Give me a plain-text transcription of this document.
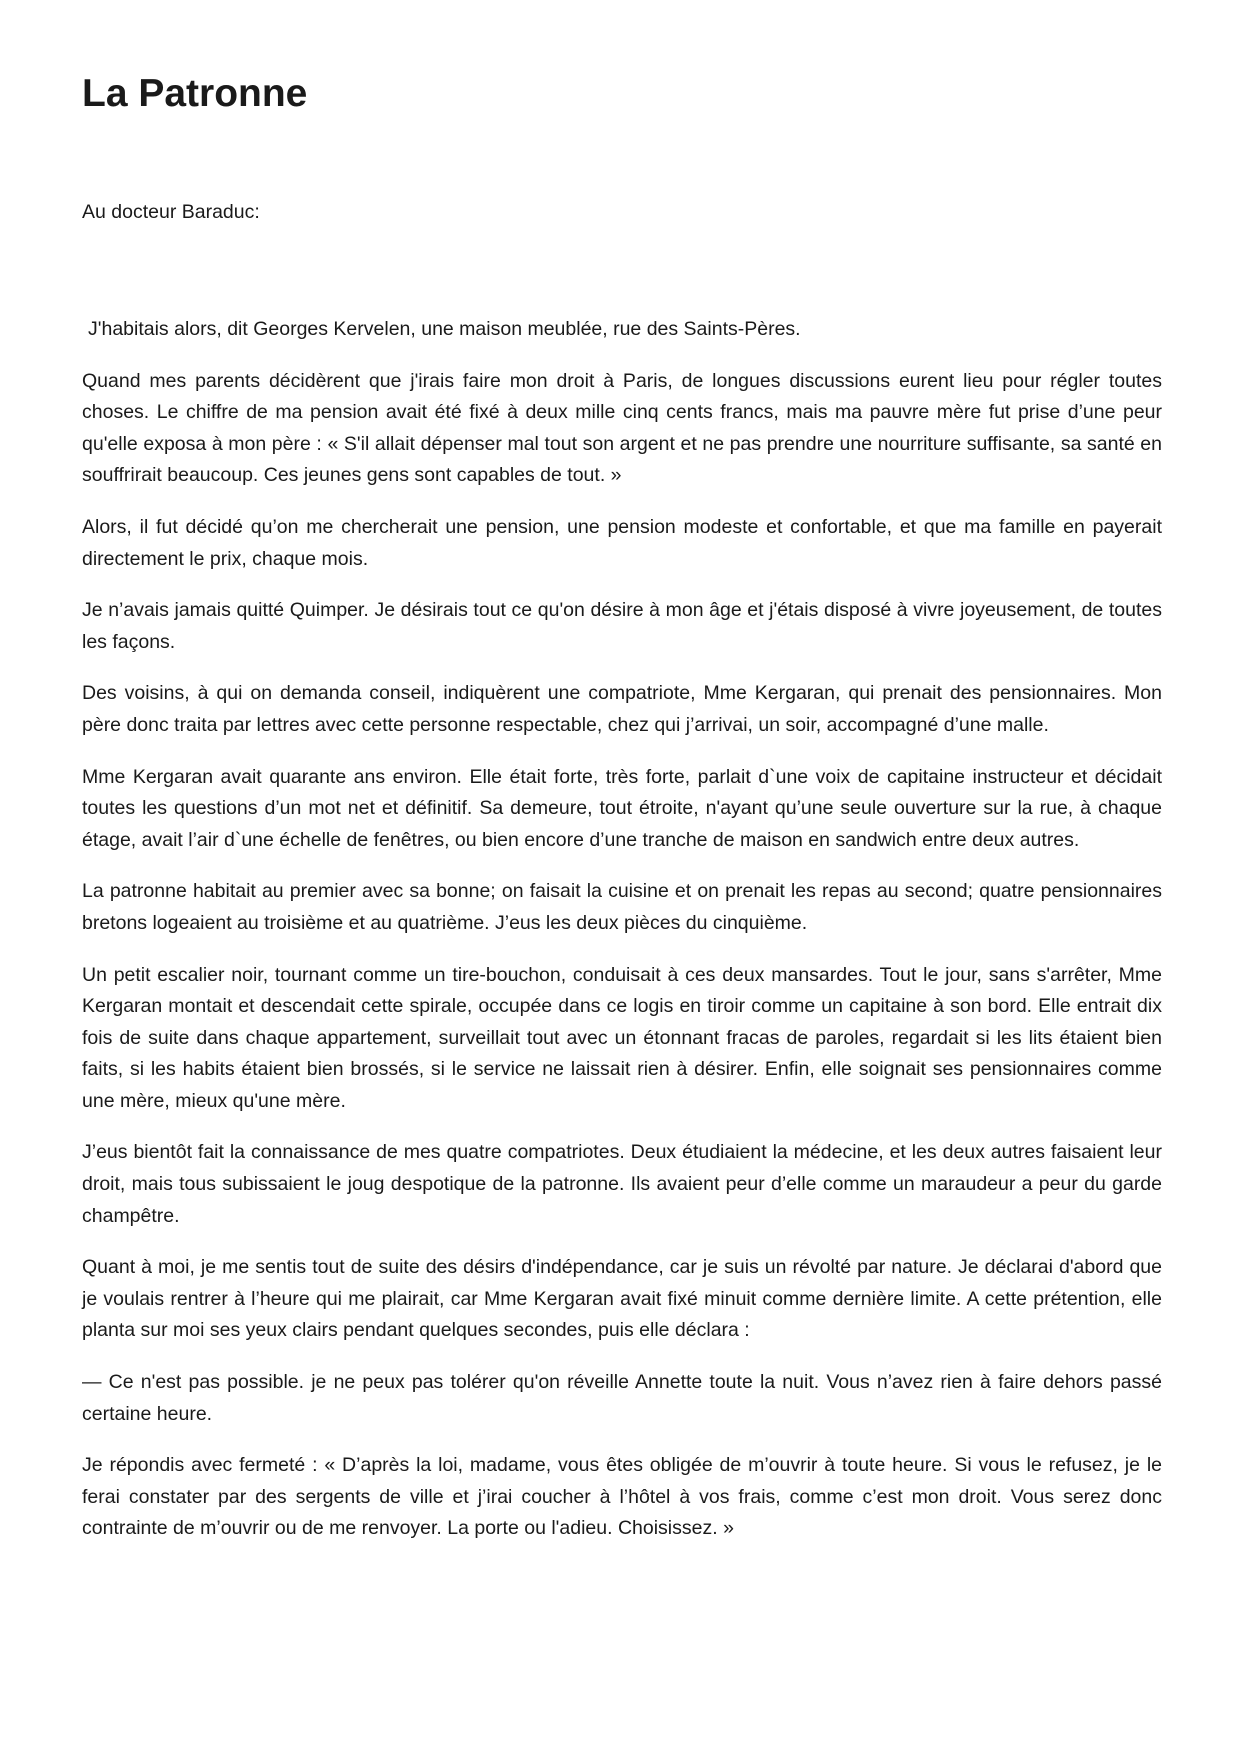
La Patronne

Au docteur Baraduc:

J'habitais alors, dit Georges Kervelen, une maison meublée, rue des Saints-Pères.

Quand mes parents décidèrent que j'irais faire mon droit à Paris, de longues discussions eurent lieu pour régler toutes choses. Le chiffre de ma pension avait été fixé à deux mille cinq cents francs, mais ma pauvre mère fut prise d’une peur qu'elle exposa à mon père : « S'il allait dépenser mal tout son argent et ne pas prendre une nourriture suffisante, sa santé en souffrirait beaucoup. Ces jeunes gens sont capables de tout. »

Alors, il fut décidé qu’on me chercherait une pension, une pension modeste et confortable, et que ma famille en payerait directement le prix, chaque mois.

Je n’avais jamais quitté Quimper. Je désirais tout ce qu'on désire à mon âge et j'étais disposé à vivre joyeusement, de toutes les façons.

Des voisins, à qui on demanda conseil, indiquèrent une compatriote, Mme Kergaran, qui prenait des pensionnaires. Mon père donc traita par lettres avec cette personne respectable, chez qui j’arrivai, un soir, accompagné d’une malle.

Mme Kergaran avait quarante ans environ. Elle était forte, très forte, parlait d`une voix de capitaine instructeur et décidait toutes les questions d’un mot net et définitif. Sa demeure, tout étroite, n'ayant qu’une seule ouverture sur la rue, à chaque étage, avait l’air d`une échelle de fenêtres, ou bien encore d’une tranche de maison en sandwich entre deux autres.

La patronne habitait au premier avec sa bonne; on faisait la cuisine et on prenait les repas au second; quatre pensionnaires bretons logeaient au troisième et au quatrième. J’eus les deux pièces du cinquième.

Un petit escalier noir, tournant comme un tire-bouchon, conduisait à ces deux mansardes. Tout le jour, sans s'arrêter, Mme Kergaran montait et descendait cette spirale, occupée dans ce logis en tiroir comme un capitaine à son bord. Elle entrait dix fois de suite dans chaque appartement, surveillait tout avec un étonnant fracas de paroles, regardait si les lits étaient bien faits, si les habits étaient bien brossés, si le service ne laissait rien à désirer. Enfin, elle soignait ses pensionnaires comme une mère, mieux qu'une mère.

J’eus bientôt fait la connaissance de mes quatre compatriotes. Deux étudiaient la médecine, et les deux autres faisaient leur droit, mais tous subissaient le joug despotique de la patronne. Ils avaient peur d’elle comme un maraudeur a peur du garde champêtre.

Quant à moi, je me sentis tout de suite des désirs d'indépendance, car je suis un révolté par nature. Je déclarai d'abord que je voulais rentrer à l’heure qui me plairait, car Mme Kergaran avait fixé minuit comme dernière limite. A cette prétention, elle planta sur moi ses yeux clairs pendant quelques secondes, puis elle déclara :

— Ce n'est pas possible. je ne peux pas tolérer qu'on réveille Annette toute la nuit. Vous n’avez rien à faire dehors passé certaine heure.

Je répondis avec fermeté : « D’après la loi, madame, vous êtes obligée de m’ouvrir à toute heure. Si vous le refusez, je le ferai constater par des sergents de ville et j’irai coucher à l’hôtel à vos frais, comme c’est mon droit. Vous serez donc contrainte de m’ouvrir ou de me renvoyer. La porte ou l'adieu. Choisissez. »
